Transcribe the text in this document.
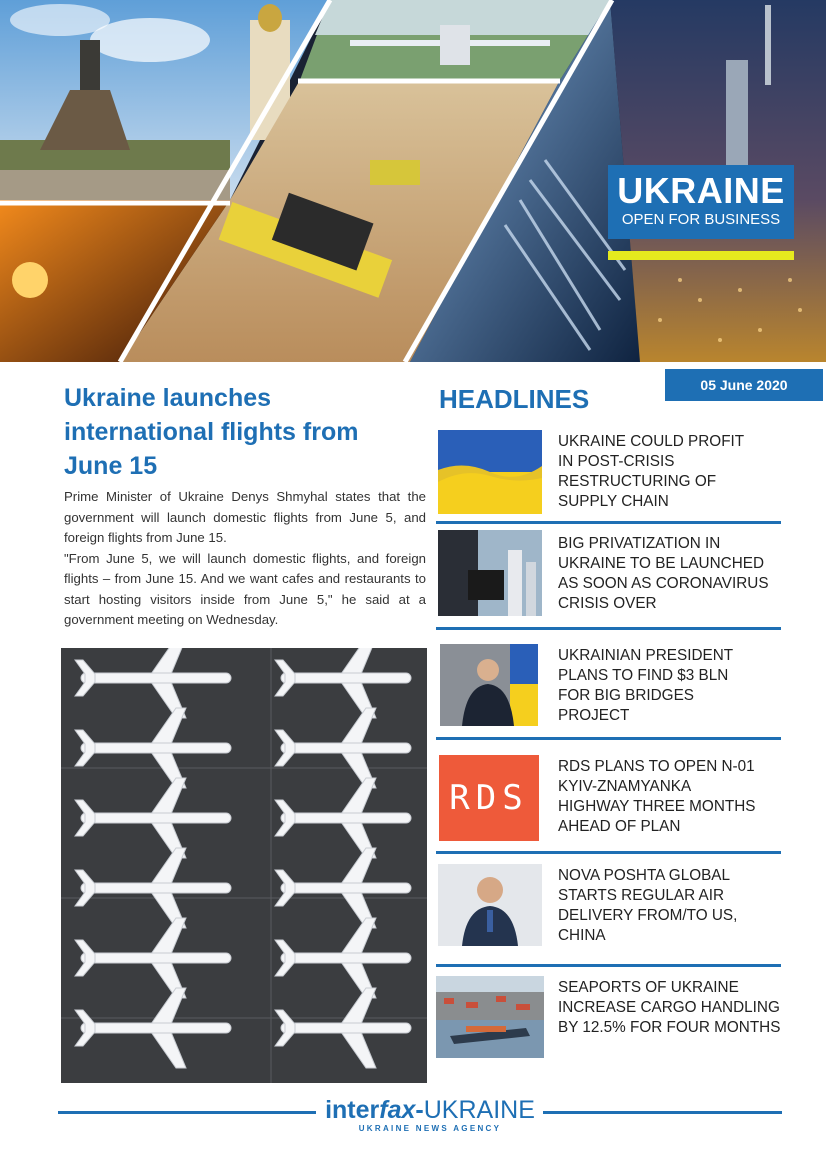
UKRAINE
OPEN FOR BUSINESS
05 June 2020
Ukraine launches
international flights from
June 15

Prime Minister of Ukraine Denys Shmyhal states that the government will launch domestic flights from June 5, and foreign flights from June 15.

"From June 5, we will launch domestic flights, and foreign flights – from June 15. And we want cafes and restaurants to start hosting visitors inside from June 5," he said at a government meeting on Wednesday.

HEADLINES
UKRAINE COULD PROFIT
IN POST-CRISIS
RESTRUCTURING OF
SUPPLY CHAIN
BIG PRIVATIZATION IN
UKRAINE TO BE LAUNCHED
AS SOON AS CORONAVIRUS
CRISIS OVER
UKRAINIAN PRESIDENT
PLANS TO FIND $3 BLN
FOR BIG BRIDGES
PROJECT
RDS
RDS PLANS TO OPEN N-01
KYIV-ZNAMYANKA
HIGHWAY THREE MONTHS
AHEAD OF PLAN
NOVA POSHTA GLOBAL
STARTS REGULAR AIR
DELIVERY FROM/TO US,
CHINA
SEAPORTS OF UKRAINE
INCREASE CARGO HANDLING
BY 12.5% FOR FOUR MONTHS
interfax-UKRAINE
UKRAINE NEWS AGENCY
